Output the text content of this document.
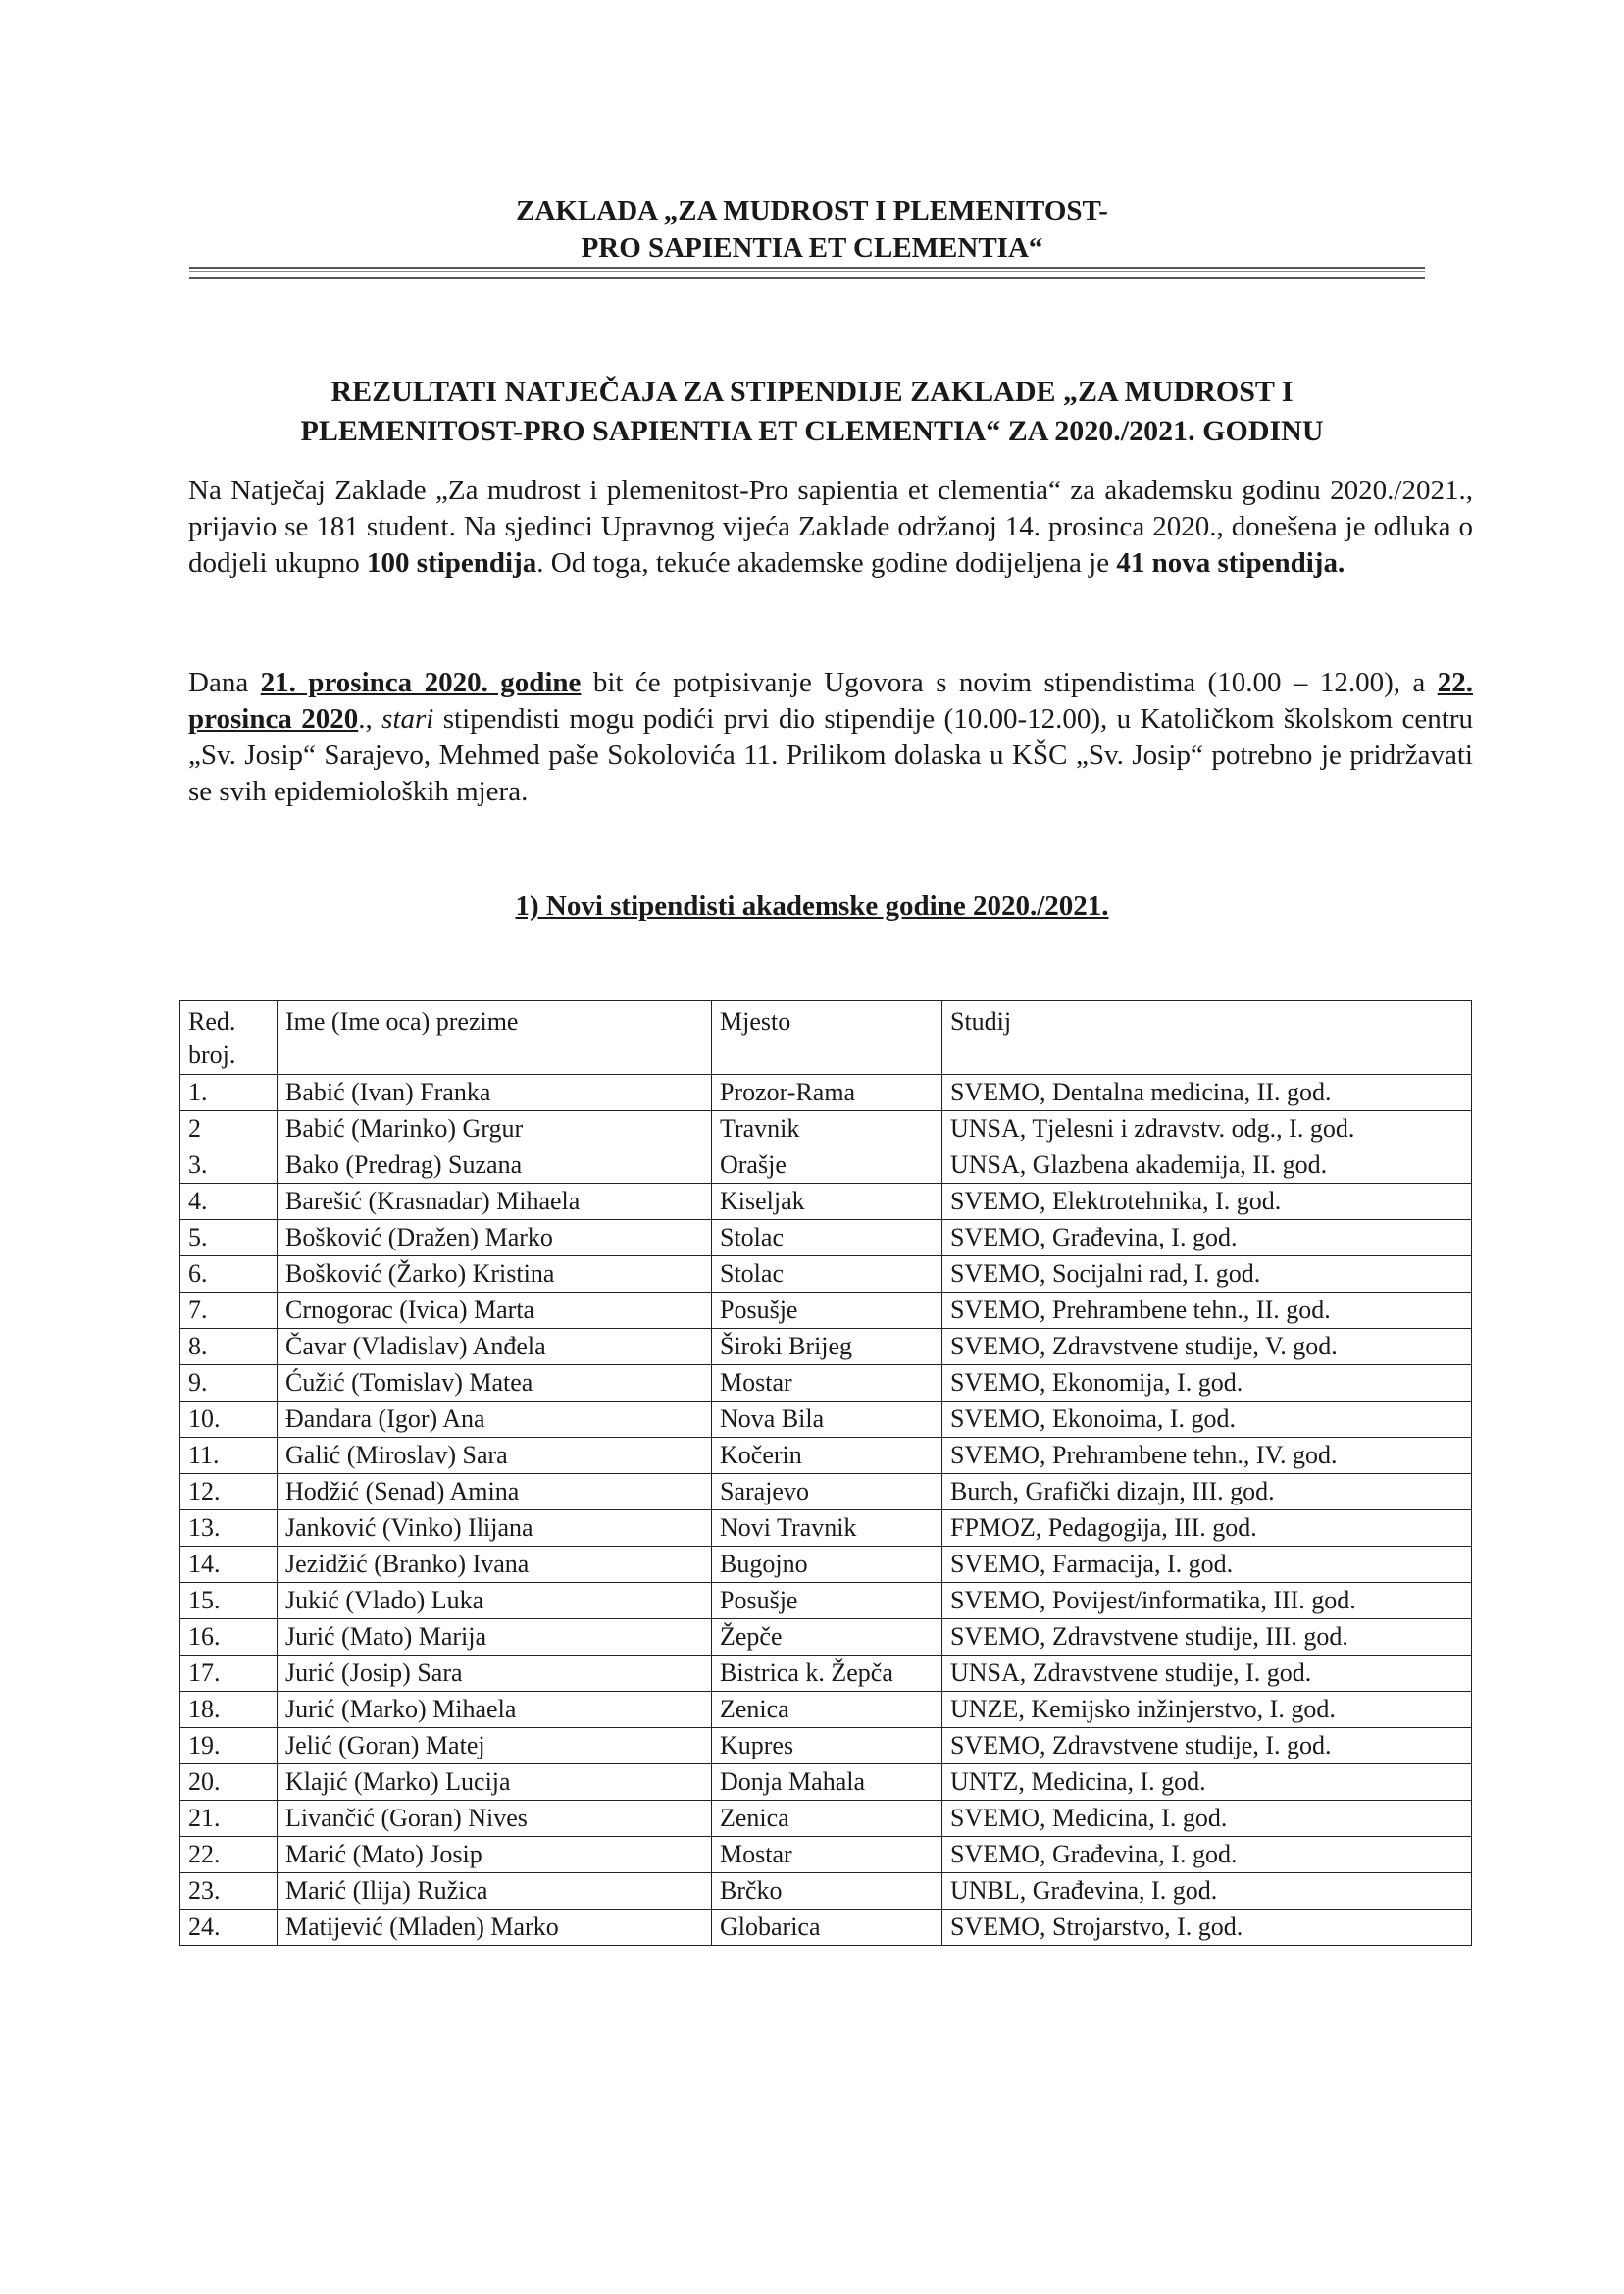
ZAKLADA „ZA MUDROST I PLEMENITOST-
PRO SAPIENTIA ET CLEMENTIA“
REZULTATI NATJEČAJA ZA STIPENDIJE ZAKLADE „ZA MUDROST I
PLEMENITOST-PRO SAPIENTIA ET CLEMENTIA“ ZA 2020./2021. GODINU

Na Natječaj Zaklade „Za mudrost i plemenitost-Pro sapientia et clementia“ za akademsku godinu 2020./2021., prijavio se 181 student. Na sjedinci Upravnog vijeća Zaklade održanoj 14. prosinca 2020., donešena je odluka o dodjeli ukupno 100 stipendija. Od toga, tekuće akademske godine dodijeljena je 41 nova stipendija.

Dana 21. prosinca 2020. godine bit će potpisivanje Ugovora s novim stipendistima (10.00 – 12.00), a 22. prosinca 2020., stari stipendisti mogu podići prvi dio stipendije (10.00-12.00), u Katoličkom školskom centru „Sv. Josip“ Sarajevo, Mehmed paše Sokolovića 11. Prilikom dolaska u KŠC „Sv. Josip“ potrebno je pridržavati se svih epidemioloških mjera.

1) Novi stipendisti akademske godine 2020./2021.
Red. broj.	Ime (Ime oca) prezime	Mjesto	Studij
1.	Babić (Ivan) Franka	Prozor-Rama	SVEMO, Dentalna medicina, II. god.
2	Babić (Marinko) Grgur	Travnik	UNSA, Tjelesni i zdravstv. odg., I. god.
3.	Bako (Predrag) Suzana	Orašje	UNSA, Glazbena akademija, II. god.
4.	Barešić (Krasnadar) Mihaela	Kiseljak	SVEMO, Elektrotehnika, I. god.
5.	Bošković (Dražen) Marko	Stolac	SVEMO, Građevina, I. god.
6.	Bošković (Žarko) Kristina	Stolac	SVEMO, Socijalni rad, I. god.
7.	Crnogorac (Ivica) Marta	Posušje	SVEMO, Prehrambene tehn., II. god.
8.	Čavar (Vladislav) Anđela	Široki Brijeg	SVEMO, Zdravstvene studije, V. god.
9.	Ćužić (Tomislav) Matea	Mostar	SVEMO, Ekonomija, I. god.
10.	Đandara (Igor) Ana	Nova Bila	SVEMO, Ekonoima, I. god.
11.	Galić (Miroslav) Sara	Kočerin	SVEMO, Prehrambene tehn., IV. god.
12.	Hodžić (Senad) Amina	Sarajevo	Burch, Grafički dizajn, III. god.
13.	Janković (Vinko) Ilijana	Novi Travnik	FPMOZ, Pedagogija, III. god.
14.	Jezidžić (Branko) Ivana	Bugojno	SVEMO, Farmacija, I. god.
15.	Jukić (Vlado) Luka	Posušje	SVEMO, Povijest/informatika, III. god.
16.	Jurić (Mato) Marija	Žepče	SVEMO, Zdravstvene studije, III. god.
17.	Jurić (Josip) Sara	Bistrica k. Žepča	UNSA, Zdravstvene studije, I. god.
18.	Jurić (Marko) Mihaela	Zenica	UNZE, Kemijsko inžinjerstvo, I. god.
19.	Jelić (Goran) Matej	Kupres	SVEMO, Zdravstvene studije, I. god.
20.	Klajić (Marko) Lucija	Donja Mahala	UNTZ, Medicina, I. god.
21.	Livančić (Goran) Nives	Zenica	SVEMO, Medicina, I. god.
22.	Marić (Mato) Josip	Mostar	SVEMO, Građevina, I. god.
23.	Marić (Ilija) Ružica	Brčko	UNBL, Građevina, I. god.
24.	Matijević (Mladen) Marko	Globarica	SVEMO, Strojarstvo, I. god.
